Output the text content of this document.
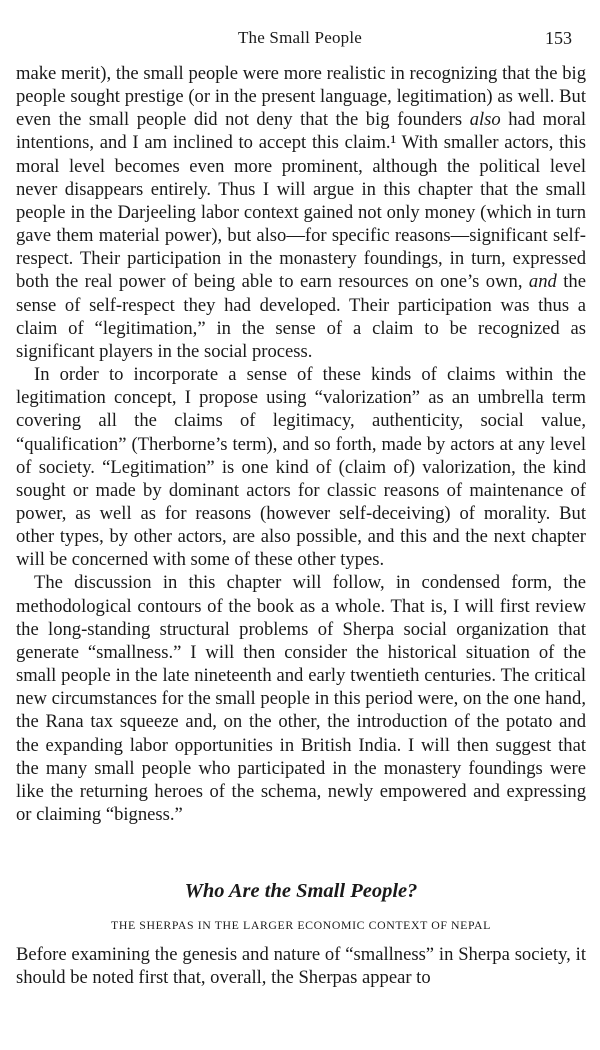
The Small People	153

make merit), the small people were more realistic in recognizing that the big people sought prestige (or in the present language, legitimation) as well. But even the small people did not deny that the big founders also had moral intentions, and I am inclined to accept this claim.¹ With smaller actors, this moral level becomes even more prominent, although the political level never disappears entirely. Thus I will argue in this chapter that the small people in the Darjeeling labor context gained not only money (which in turn gave them material power), but also—for specific reasons—significant self-respect. Their participation in the monastery foundings, in turn, expressed both the real power of being able to earn resources on one’s own, and the sense of self-respect they had developed. Their participation was thus a claim of “legitimation,” in the sense of a claim to be recognized as significant players in the social process.

In order to incorporate a sense of these kinds of claims within the legitimation concept, I propose using “valorization” as an umbrella term covering all the claims of legitimacy, authenticity, social value, “qualification” (Therborne’s term), and so forth, made by actors at any level of society. “Legitimation” is one kind of (claim of) valorization, the kind sought or made by dominant actors for classic reasons of maintenance of power, as well as for reasons (however self-deceiving) of morality. But other types, by other actors, are also possible, and this and the next chapter will be concerned with some of these other types.

The discussion in this chapter will follow, in condensed form, the methodological contours of the book as a whole. That is, I will first review the long-standing structural problems of Sherpa social organization that generate “smallness.” I will then consider the historical situation of the small people in the late nineteenth and early twentieth centuries. The critical new circumstances for the small people in this period were, on the one hand, the Rana tax squeeze and, on the other, the introduction of the potato and the expanding labor opportunities in British India. I will then suggest that the many small people who participated in the monastery foundings were like the returning heroes of the schema, newly empowered and expressing or claiming “bigness.”

Who Are the Small People?
THE SHERPAS IN THE LARGER ECONOMIC CONTEXT OF NEPAL

Before examining the genesis and nature of “smallness” in Sherpa society, it should be noted first that, overall, the Sherpas appear to
